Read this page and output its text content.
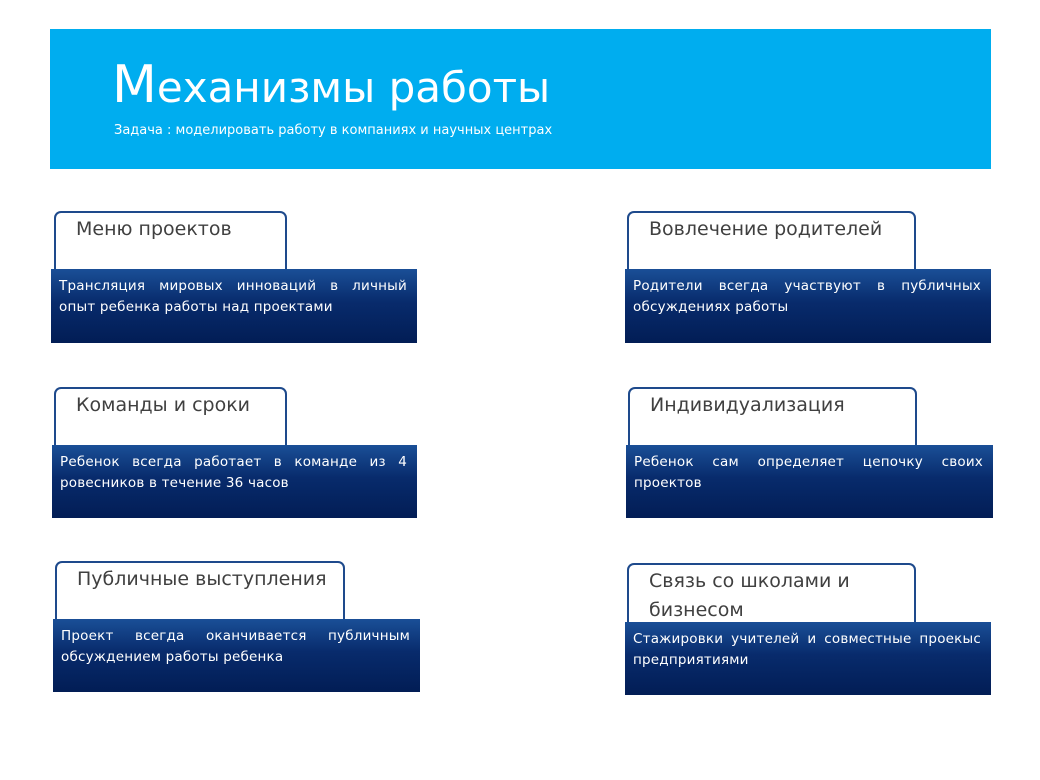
Механизмы работы
Задача : моделировать работу в компаниях и научных центрах
Меню проектов
Трансляция мировых инноваций в личный опыт ребенка работы над проектами
Вовлечение родителей
Родители всегда участвуют в публичных обсуждениях работы
Команды и сроки
Ребенок всегда работает в команде из 4 ровесников в течение 36 часов
Индивидуализация
Ребенок сам определяет цепочку своих проектов
Публичные выступления
Проект всегда оканчивается публичным обсуждением работы ребенка
Связь со школами и бизнесом
Стажировки учителей и совместные проекыс предприятиями
